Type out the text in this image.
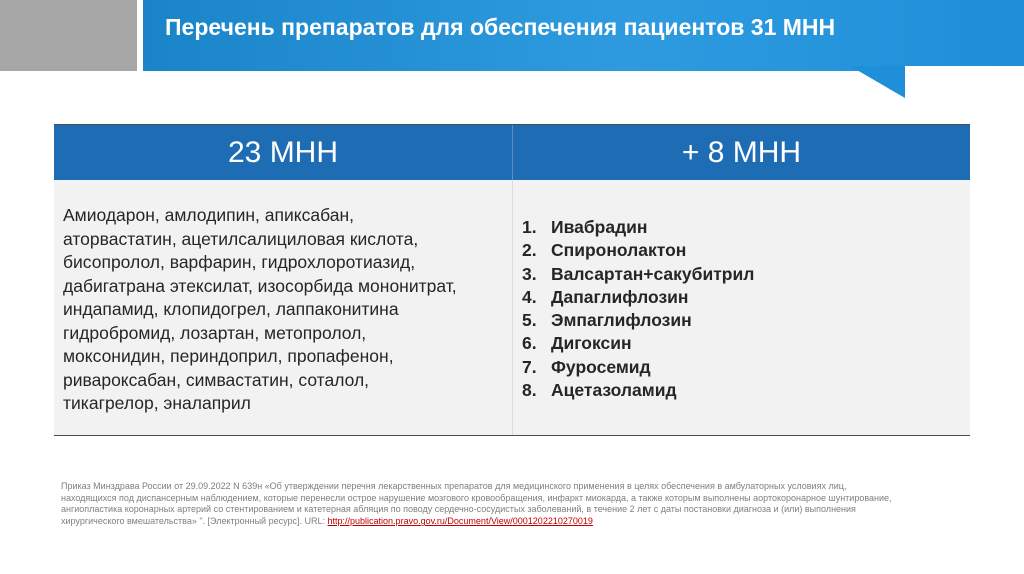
Перечень препаратов для обеспечения пациентов 31 МНН
23 МНН	+ 8 МНН
Амиодарон, амлодипин, апиксабан,
аторвастатин, ацетилсалициловая кислота,
бисопролол, варфарин, гидрохлоротиазид,
дабигатрана этексилат, изосорбида мононитрат,
индапамид, клопидогрел, лаппаконитина
гидробромид, лозартан, метопролол,
моксонидин, периндоприл, пропафенон,
ривароксабан, симвастатин, соталол,
тикагрелор, эналаприл
1. Ивабрадин
2. Спиронолактон
3. Валсартан+сакубитрил
4. Дапаглифлозин
5. Эмпаглифлозин
6. Дигоксин
7. Фуросемид
8. Ацетазоламид
Приказ Минздрава России от 29.09.2022 N 639н «Об утверждении перечня лекарственных препаратов для медицинского применения в целях обеспечения в амбулаторных условиях лиц,
находящихся под диспансерным наблюдением, которые перенесли острое нарушение мозгового кровообращения, инфаркт миокарда, а также которым выполнены аортокоронарное шунтирование,
ангиопластика коронарных артерий со стентированием и катетерная абляция по поводу сердечно-сосудистых заболеваний, в течение 2 лет с даты постановки диагноза и (или) выполнения
хирургического вмешательства» ". [Электронный ресурс]. URL: http://publication.pravo.gov.ru/Document/View/0001202210270019
